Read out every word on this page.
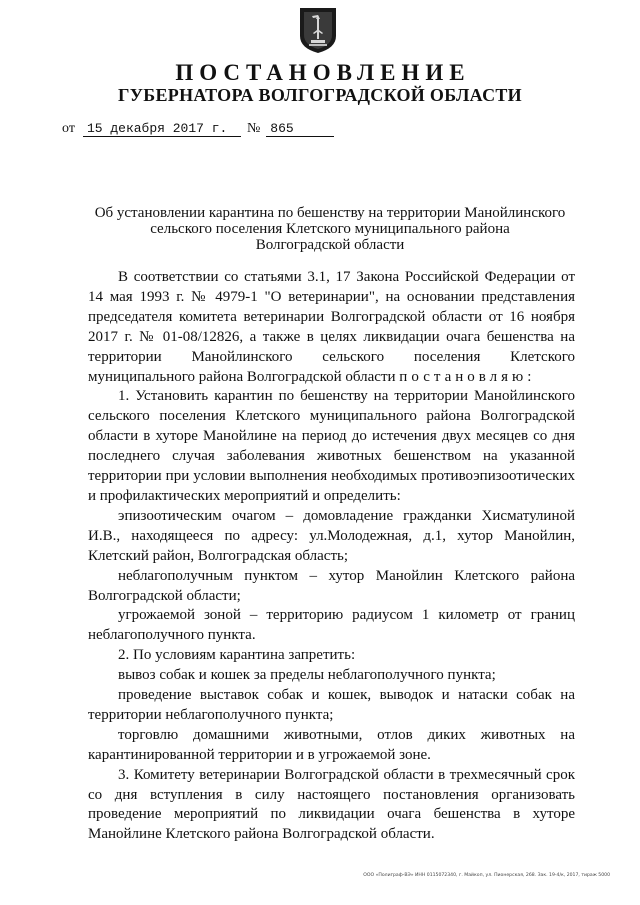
ПОСТАНОВЛЕНИЕ
ГУБЕРНАТОРА ВОЛГОГРАДСКОЙ ОБЛАСТИ
от 15 декабря 2017 г.	№ 865
Об установлении карантина по бешенству на территории Манойлинского
сельского поселения Клетского муниципального района
Волгоградской области

В соответствии со статьями 3.1, 17 Закона Российской Федерации от 14 мая 1993 г. № 4979-1 "О ветеринарии", на основании представления председателя комитета ветеринарии Волгоградской области от 16 ноября 2017 г. № 01-08/12826, а также в целях ликвидации очага бешенства на территории Манойлинского сельского поселения Клетского муниципального района Волгоградской области постановляю:

1. Установить карантин по бешенству на территории Манойлинского сельского поселения Клетского муниципального района Волгоградской области в хуторе Манойлине на период до истечения двух месяцев со дня последнего случая заболевания животных бешенством на указанной территории при условии выполнения необходимых противоэпизоотических и профилактических мероприятий и определить:

эпизоотическим очагом – домовладение гражданки Хисматулиной И.В., находящееся по адресу: ул.Молодежная, д.1, хутор Манойлин, Клетский район, Волгоградская область;

неблагополучным пунктом – хутор Манойлин Клетского района Волгоградской области;

угрожаемой зоной – территорию радиусом 1 километр от границ неблагополучного пункта.

2. По условиям карантина запретить:

вывоз собак и кошек за пределы неблагополучного пункта;

проведение выставок собак и кошек, выводок и натаски собак на территории неблагополучного пункта;

торговлю домашними животными, отлов диких животных на карантинированной территории и в угрожаемой зоне.

3. Комитету ветеринарии Волгоградской области в трехмесячный срок со дня вступления в силу настоящего постановления организовать проведение мероприятий по ликвидации очага бешенства в хуторе Манойлине Клетского района Волгоградской области.

ООО «Полиграф-ВЭ» ИНН 0115072340, г. Майкоп, ул. Пионерская, 268. Зак. 19-4/к, 2017, тираж 5000
